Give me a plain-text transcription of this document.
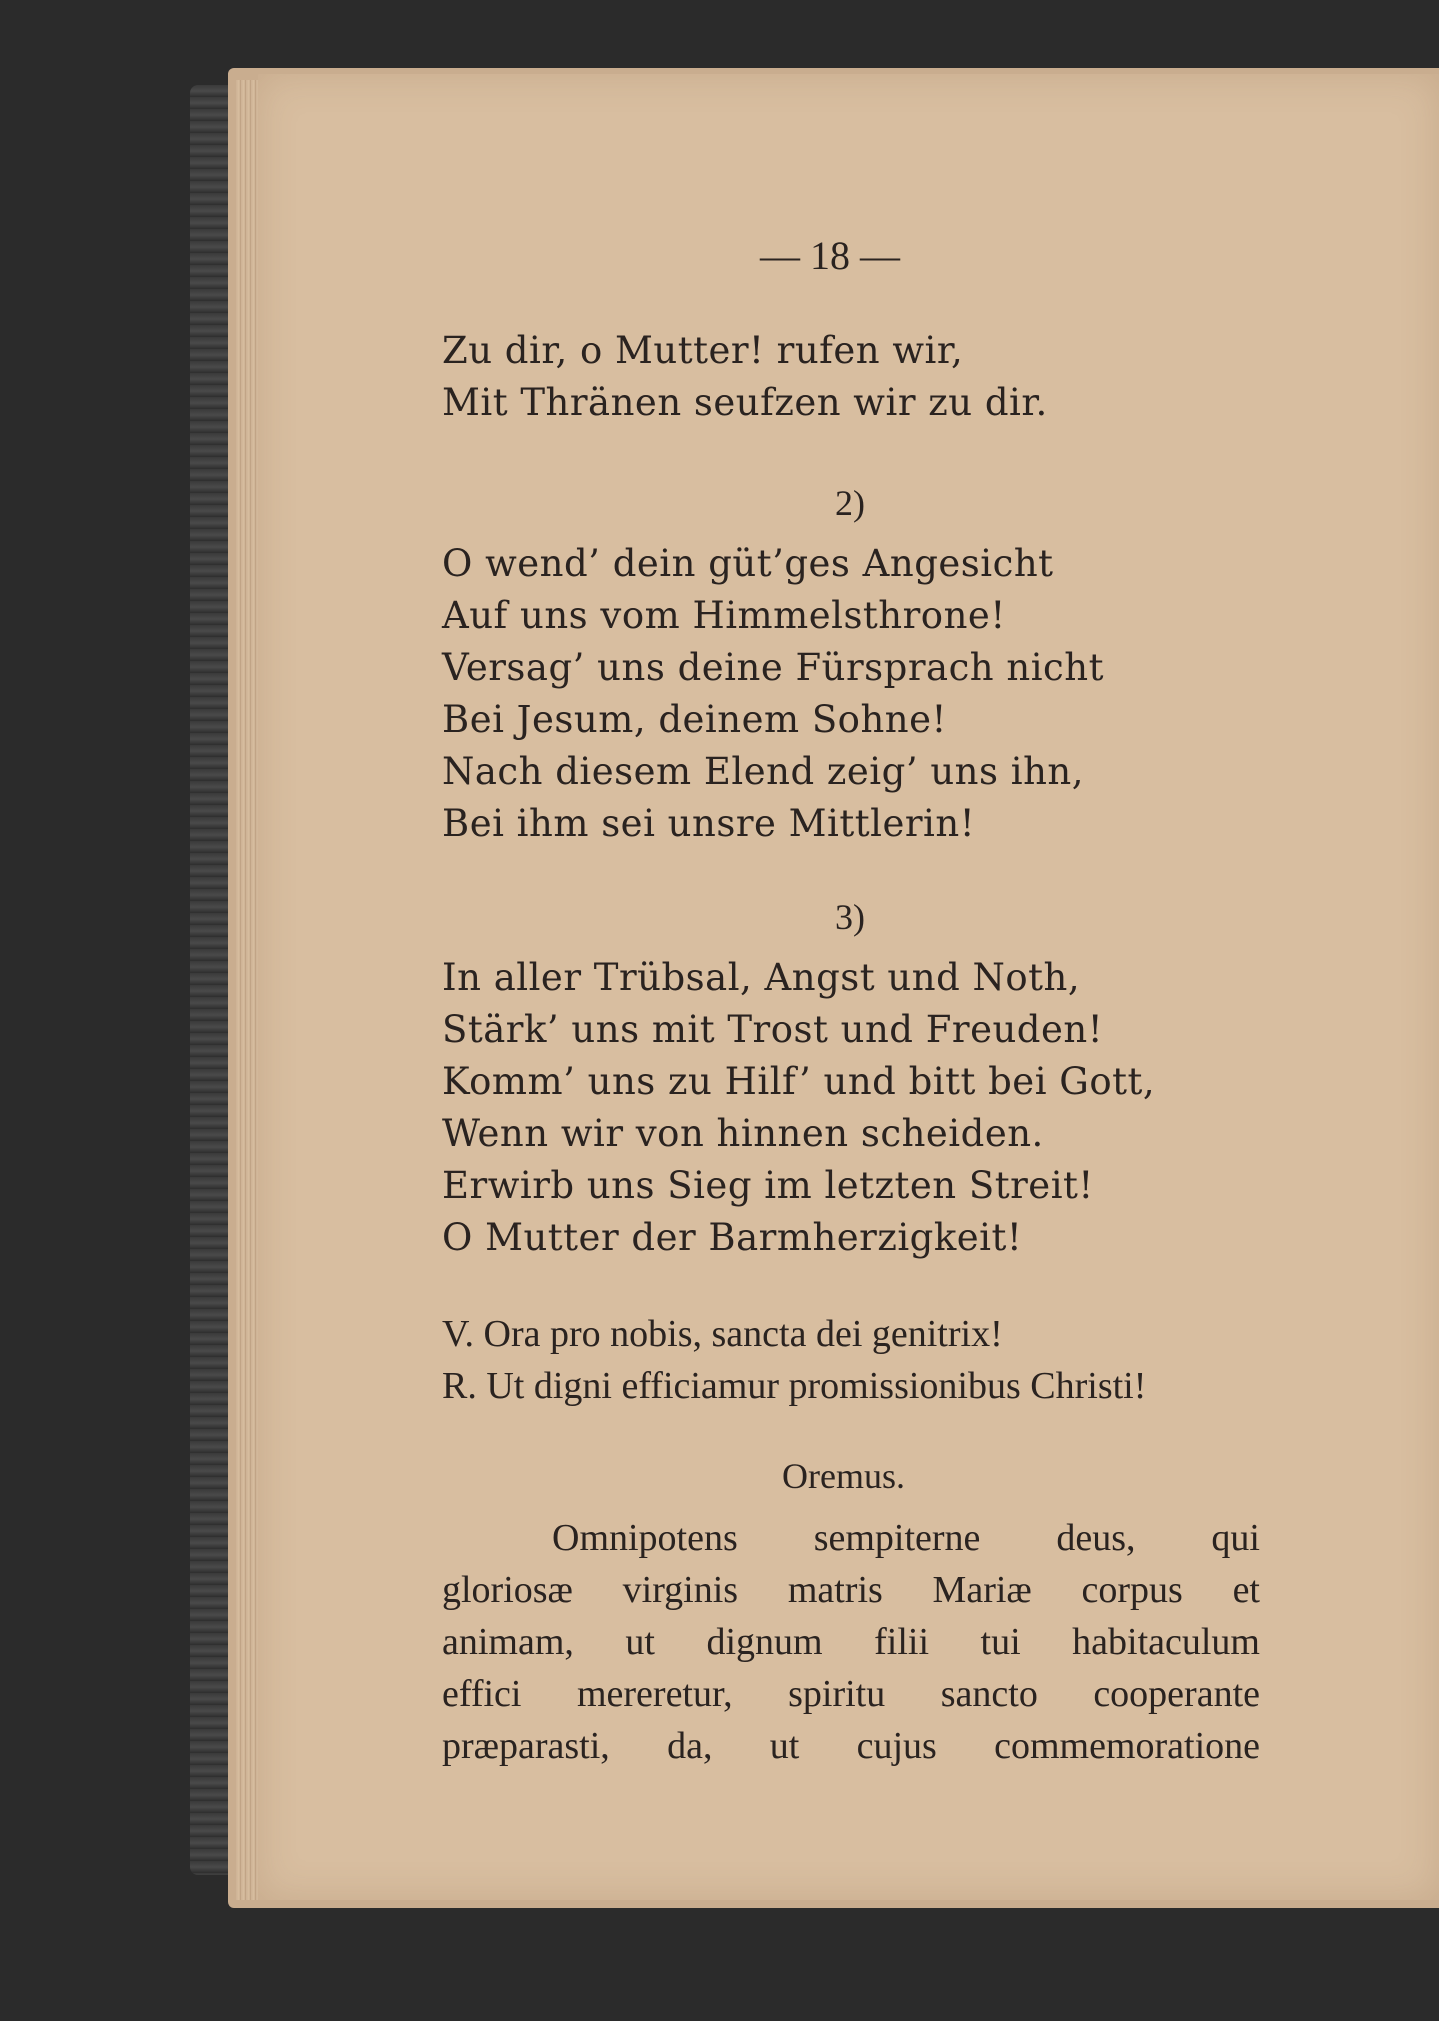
— 18 —
Zu dir, o Mutter! rufen wir,
Mit Thränen seufzen wir zu dir.
2)
O wend’ dein güt’ges Angesicht
Auf uns vom Himmelsthrone!
Versag’ uns deine Fürsprach nicht
Bei Jesum, deinem Sohne!
Nach diesem Elend zeig’ uns ihn,
Bei ihm sei unsre Mittlerin!
3)
In aller Trübsal, Angst und Noth,
Stärk’ uns mit Trost und Freuden!
Komm’ uns zu Hilf’ und bitt bei Gott,
Wenn wir von hinnen scheiden.
Erwirb uns Sieg im letzten Streit!
O Mutter der Barmherzigkeit!
V. Ora pro nobis, sancta dei genitrix!
R. Ut digni efficiamur promissionibus Christi!
Oremus.
Omnipotens sempiterne deus, qui
gloriosæ virginis matris Mariæ corpus et
animam, ut dignum filii tui habitaculum
effici mereretur, spiritu sancto cooperante
præparasti, da, ut cujus commemoratione
